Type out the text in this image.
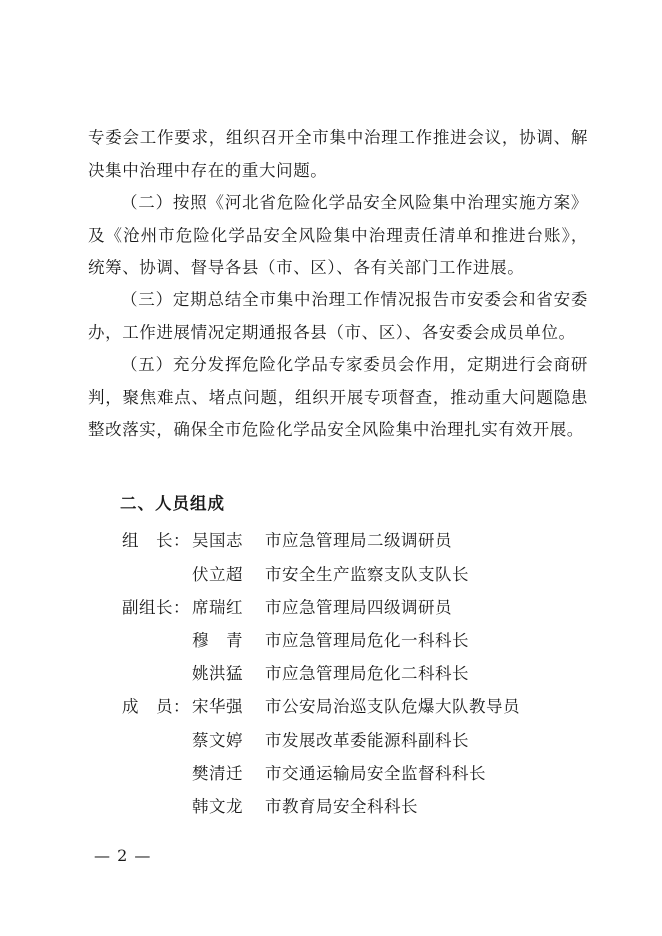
专委会工作要求，组织召开全市集中治理工作推进会议，协调、解决集中治理中存在的重大问题。

（二）按照《河北省危险化学品安全风险集中治理实施方案》及《沧州市危险化学品安全风险集中治理责任清单和推进台账》，统筹、协调、督导各县（市、区）、各有关部门工作进展。

（三）定期总结全市集中治理工作情况报告市安委会和省安委办，工作进展情况定期通报各县（市、区）、各安委会成员单位。

（五）充分发挥危险化学品专家委员会作用，定期进行会商研判，聚焦难点、堵点问题，组织开展专项督查，推动重大问题隐患整改落实，确保全市危险化学品安全风险集中治理扎实有效开展。

二、人员组成
组　长： 吴国志	市应急管理局二级调研员
伏立超	市安全生产监察支队支队长
副组长： 席瑞红	市应急管理局四级调研员
穆　青	市应急管理局危化一科科长
姚洪猛	市应急管理局危化二科科长
成　员： 宋华强	市公安局治巡支队危爆大队教导员
蔡文婷	市发展改革委能源科副科长
樊清迁	市交通运输局安全监督科科长
韩文龙	市教育局安全科科长
— 2 —
